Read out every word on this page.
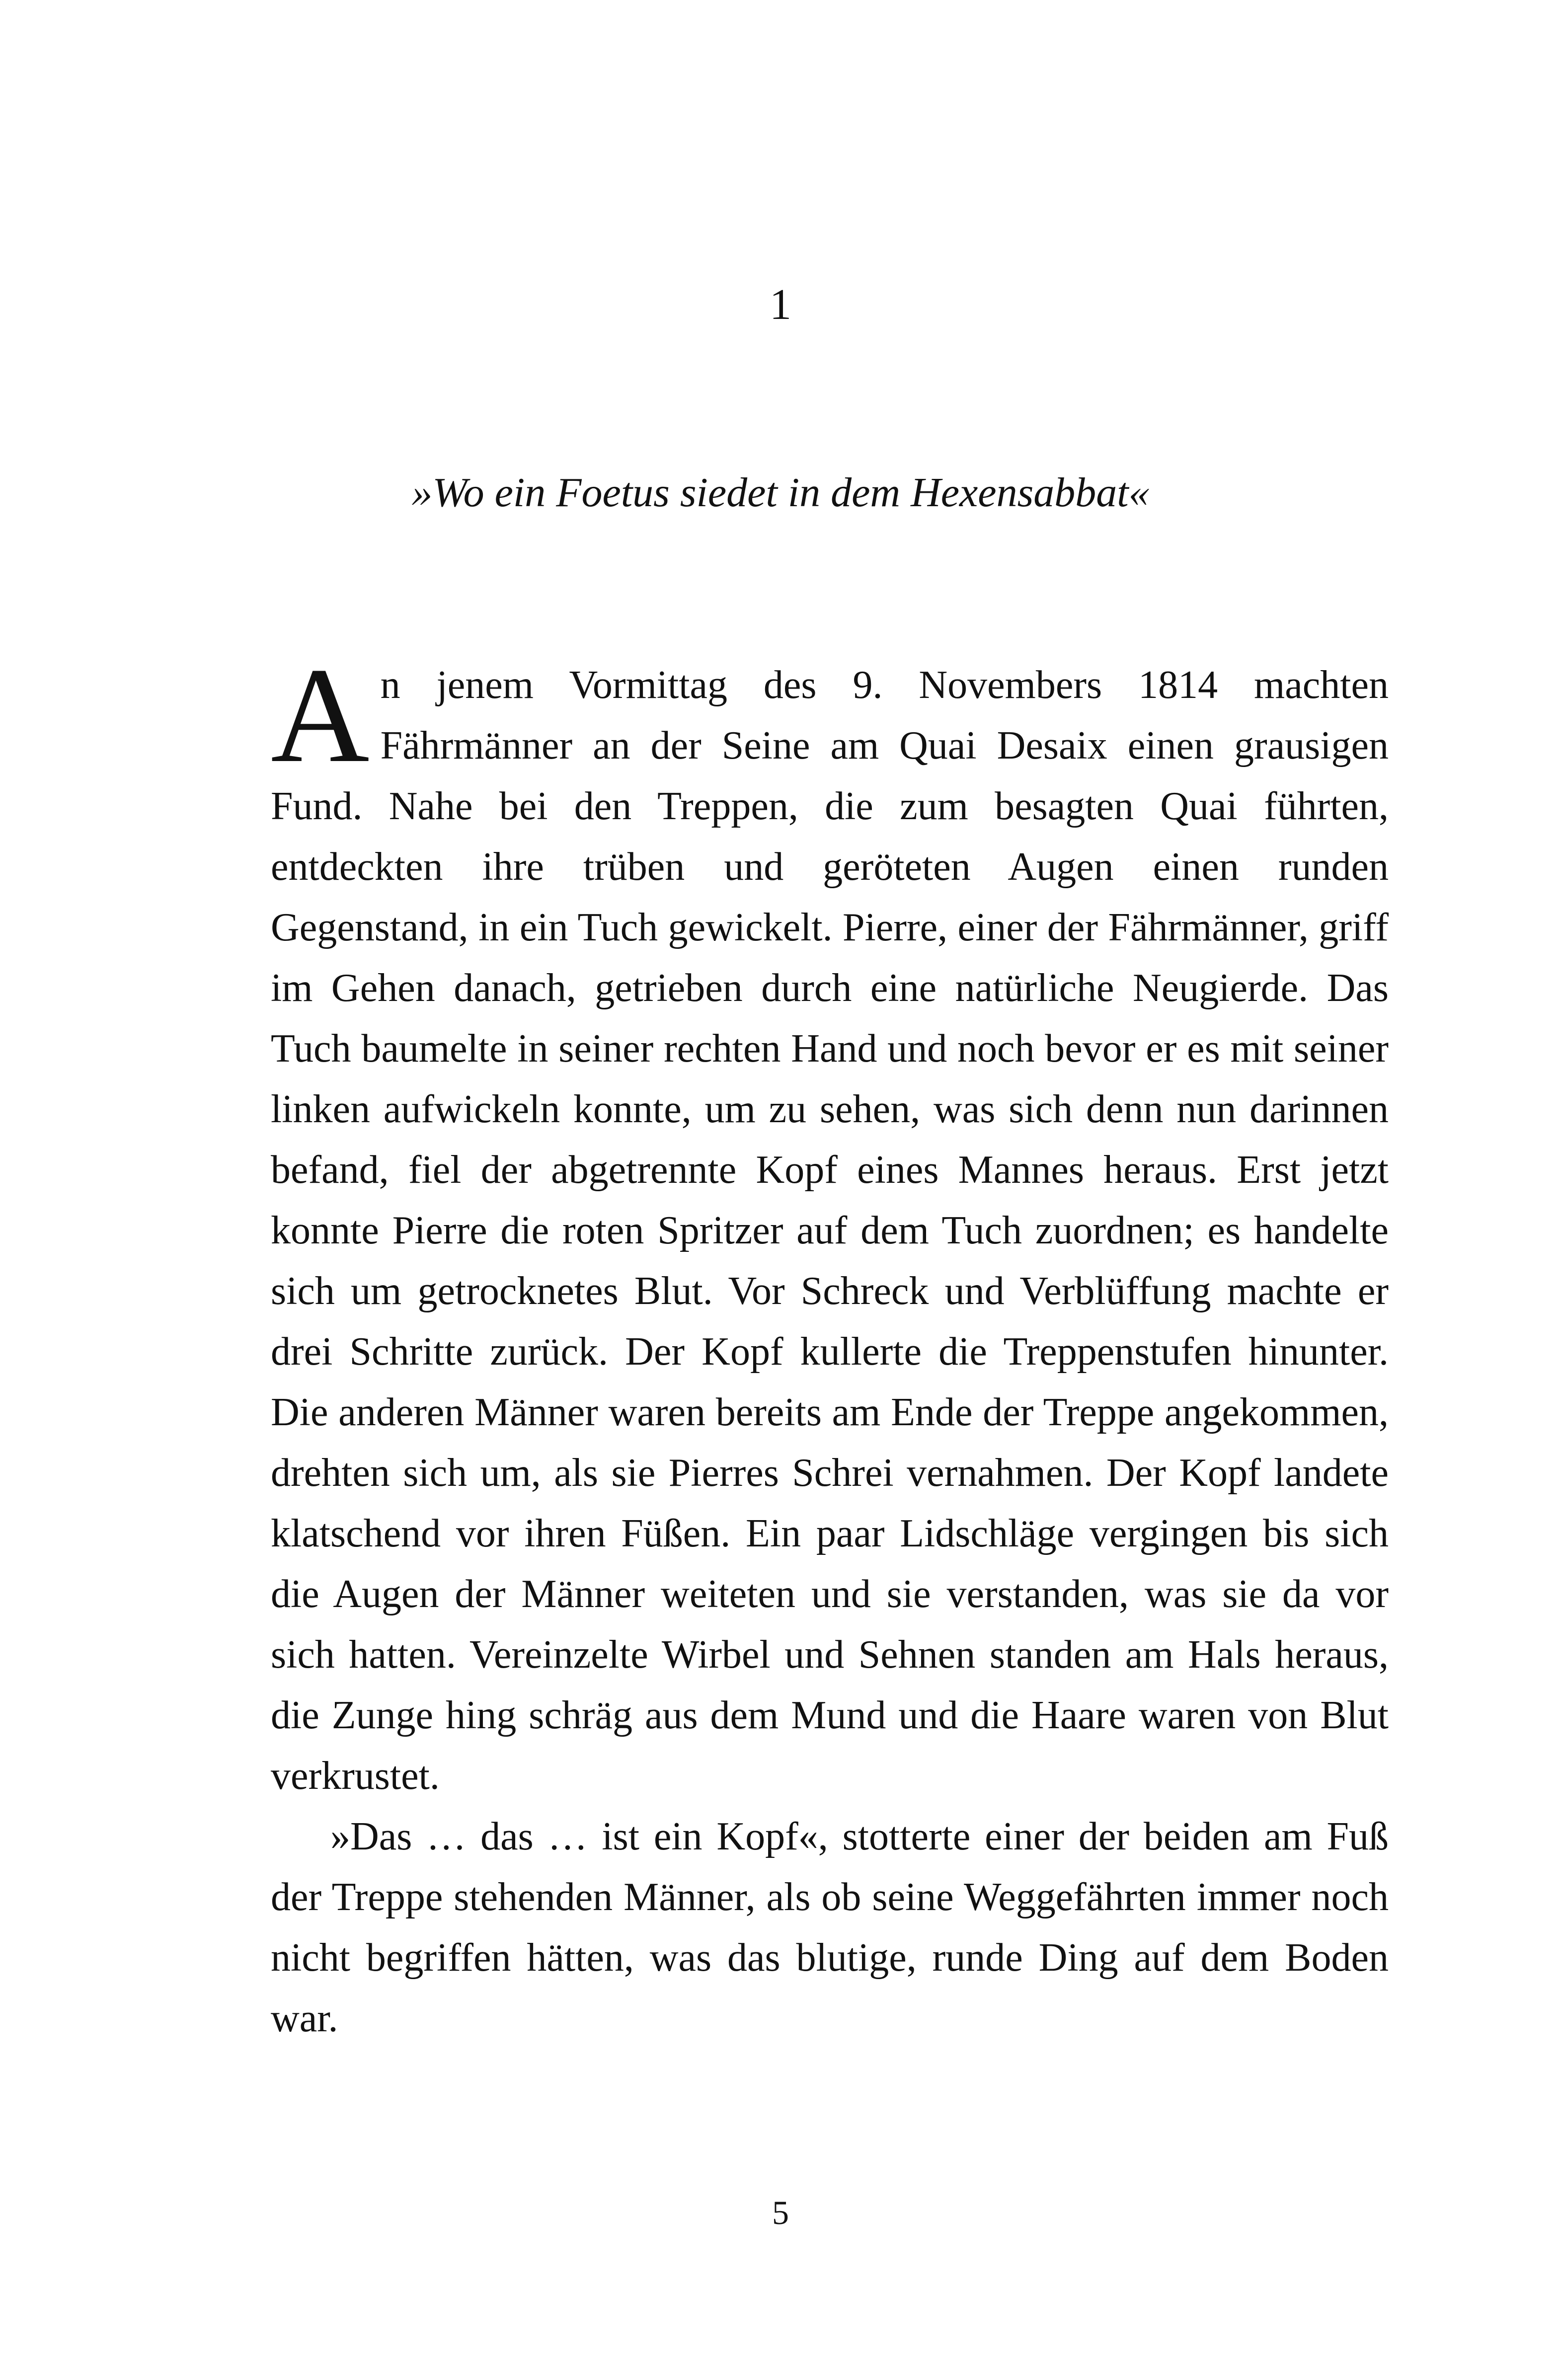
1
»Wo ein Foetus siedet in dem Hexensabbat«

An jenem Vormittag des 9. Novembers 1814 machten Fährmänner an der Seine am Quai Desaix einen grausigen Fund. Nahe bei den Treppen, die zum besagten Quai führten, entdeckten ihre trüben und geröteten Augen einen runden Gegenstand, in ein Tuch gewickelt. Pierre, einer der Fährmänner, griff im Gehen danach, getrieben durch eine natürliche Neugierde. Das Tuch baumelte in seiner rechten Hand und noch bevor er es mit seiner linken aufwickeln konnte, um zu sehen, was sich denn nun darinnen befand, fiel der abgetrennte Kopf eines Mannes heraus. Erst jetzt konnte Pierre die roten Spritzer auf dem Tuch zuordnen; es handelte sich um getrocknetes Blut. Vor Schreck und Verblüffung machte er drei Schritte zurück. Der Kopf kullerte die Treppenstufen hinunter. Die anderen Männer waren bereits am Ende der Treppe angekommen, drehten sich um, als sie Pierres Schrei vernahmen. Der Kopf landete klatschend vor ihren Füßen. Ein paar Lidschläge vergingen bis sich die Augen der Männer weiteten und sie verstanden, was sie da vor sich hatten. Vereinzelte Wirbel und Sehnen standen am Hals heraus, die Zunge hing schräg aus dem Mund und die Haare waren von Blut verkrustet.

»Das … das … ist ein Kopf«, stotterte einer der beiden am Fuß der Treppe stehenden Männer, als ob seine Weggefährten immer noch nicht begriffen hätten, was das blutige, runde Ding auf dem Boden war.

5
